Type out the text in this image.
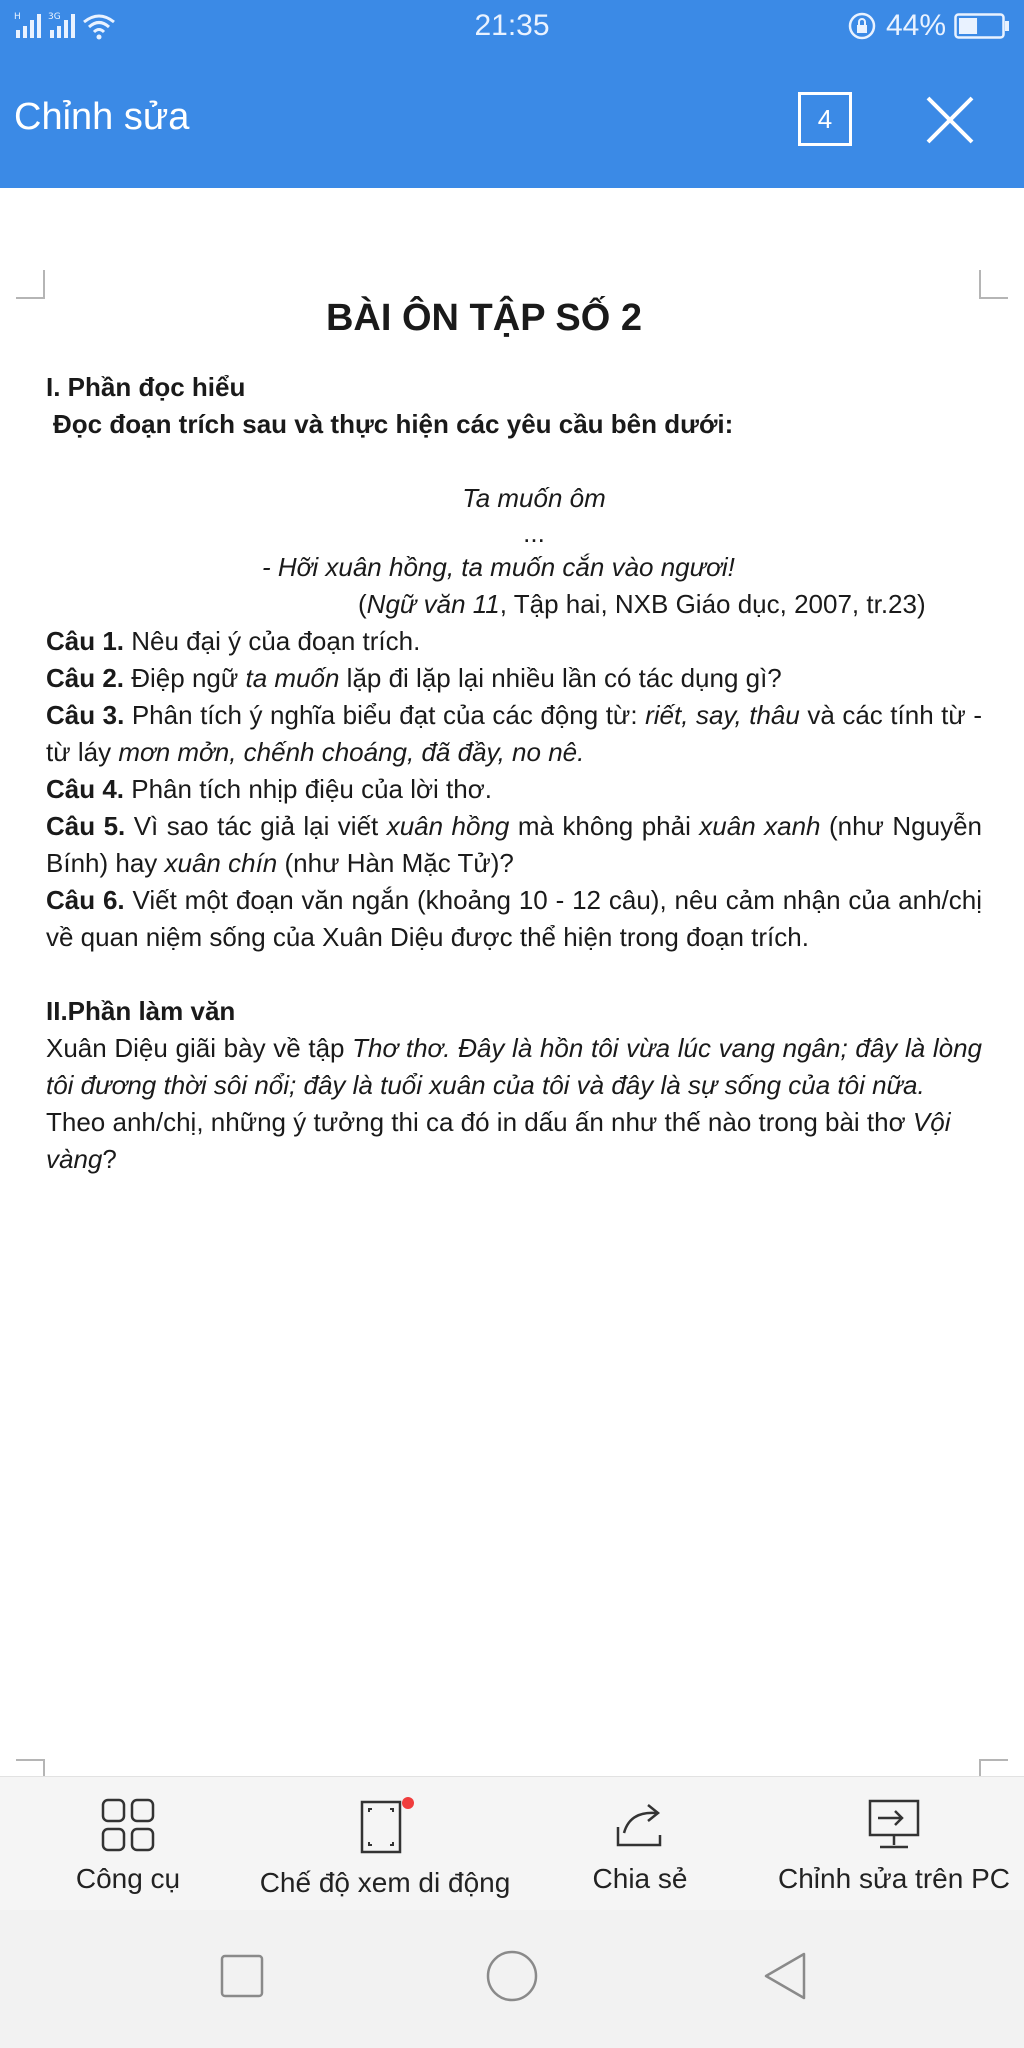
H	3G	21:35	44%
Chỉnh sửa	4
BÀI ÔN TẬP SỐ 2
I. Phần đọc hiểu
Đọc đoạn trích sau và thực hiện các yêu cầu bên dưới:
Ta muốn ôm
...
- Hỡi xuân hồng, ta muốn cắn vào ngươi!
(Ngữ văn 11, Tập hai, NXB Giáo dục, 2007, tr.23)
Câu 1. Nêu đại ý của đoạn trích.
Câu 2. Điệp ngữ ta muốn lặp đi lặp lại nhiều lần có tác dụng gì?
Câu 3. Phân tích ý nghĩa biểu đạt của các động từ: riết, say, thâu và các tính từ - từ láy mơn mởn, chếnh choáng, đã đầy, no nê.
Câu 4. Phân tích nhịp điệu của lời thơ.
Câu 5. Vì sao tác giả lại viết xuân hồng mà không phải xuân xanh (như Nguyễn Bính) hay xuân chín (như Hàn Mặc Tử)?
Câu 6. Viết một đoạn văn ngắn (khoảng 10 - 12 câu), nêu cảm nhận của anh/chị về quan niệm sống của Xuân Diệu được thể hiện trong đoạn trích.
II.Phần làm văn
Xuân Diệu giãi bày về tập Thơ thơ. Đây là hồn tôi vừa lúc vang ngân; đây là lòng tôi đương thời sôi nổi; đây là tuổi xuân của tôi và đây là sự sống của tôi nữa.
Theo anh/chị, những ý tưởng thi ca đó in dấu ấn như thế nào trong bài thơ Vội vàng?
Công cụ	Chế độ xem di động	Chia sẻ	Chỉnh sửa trên PC
